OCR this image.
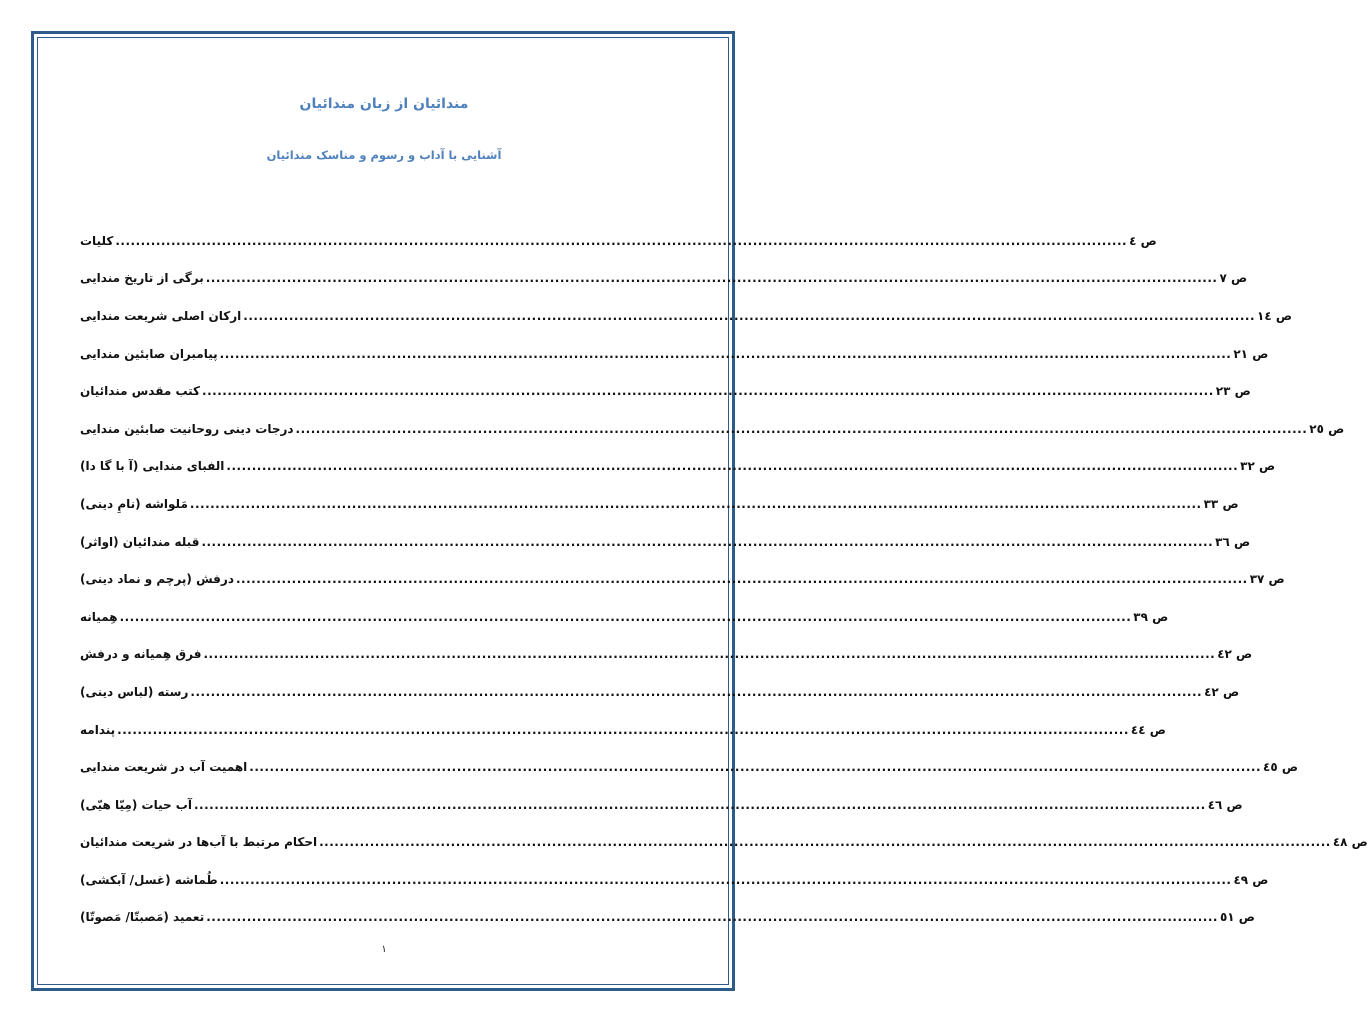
مندائیان از زبان مندائیان
آشنایی با آداب و رسوم و مناسک مندائیان
کلیات ........................................................................................................................................................................................................ ص ٤
برگی از تاریخ مندایی ........................................................................................................................................................................................................ ص ٧
ارکان اصلی شریعت مندایی ........................................................................................................................................................................................................ ص ١٤
پیامبران صابئین مندایی ........................................................................................................................................................................................................ ص ٢١
کتب مقدس مندائیان ........................................................................................................................................................................................................ ص ٢٣
درجات دینی روحانیت صابئین مندایی ........................................................................................................................................................................................................ ص ٢٥
الفبای مندایی (آ با گا دا) ........................................................................................................................................................................................................ ص ٣٢
مَلواشه (نامِ دینی) ........................................................................................................................................................................................................ ص ٣٣
قبله مندائیان (اواثر) ........................................................................................................................................................................................................ ص ٣٦
درفش (پرچم و نماد دینی) ........................................................................................................................................................................................................ ص ٣٧
هِمیانه ........................................................................................................................................................................................................ ص ٣٩
فرق هِمیانه و درفش ........................................................................................................................................................................................................ ص ٤٢
رسته (لباس دینی) ........................................................................................................................................................................................................ ص ٤٢
پندامه ........................................................................................................................................................................................................ ص ٤٤
اهمیت آب در شریعت مندایی ........................................................................................................................................................................................................ ص ٤٥
آب حیات (مِیّا هیّی) ........................................................................................................................................................................................................ ص ٤٦
احکام مرتبط با آب‌ها در شریعت مندائیان ........................................................................................................................................................................................................ ص ٤٨
طُماشه (غسل/ آبکشی) ........................................................................................................................................................................................................ ص ٤٩
تعمید (مَصبتّا/ مَصوتّا) ........................................................................................................................................................................................................ ص ٥١
١
